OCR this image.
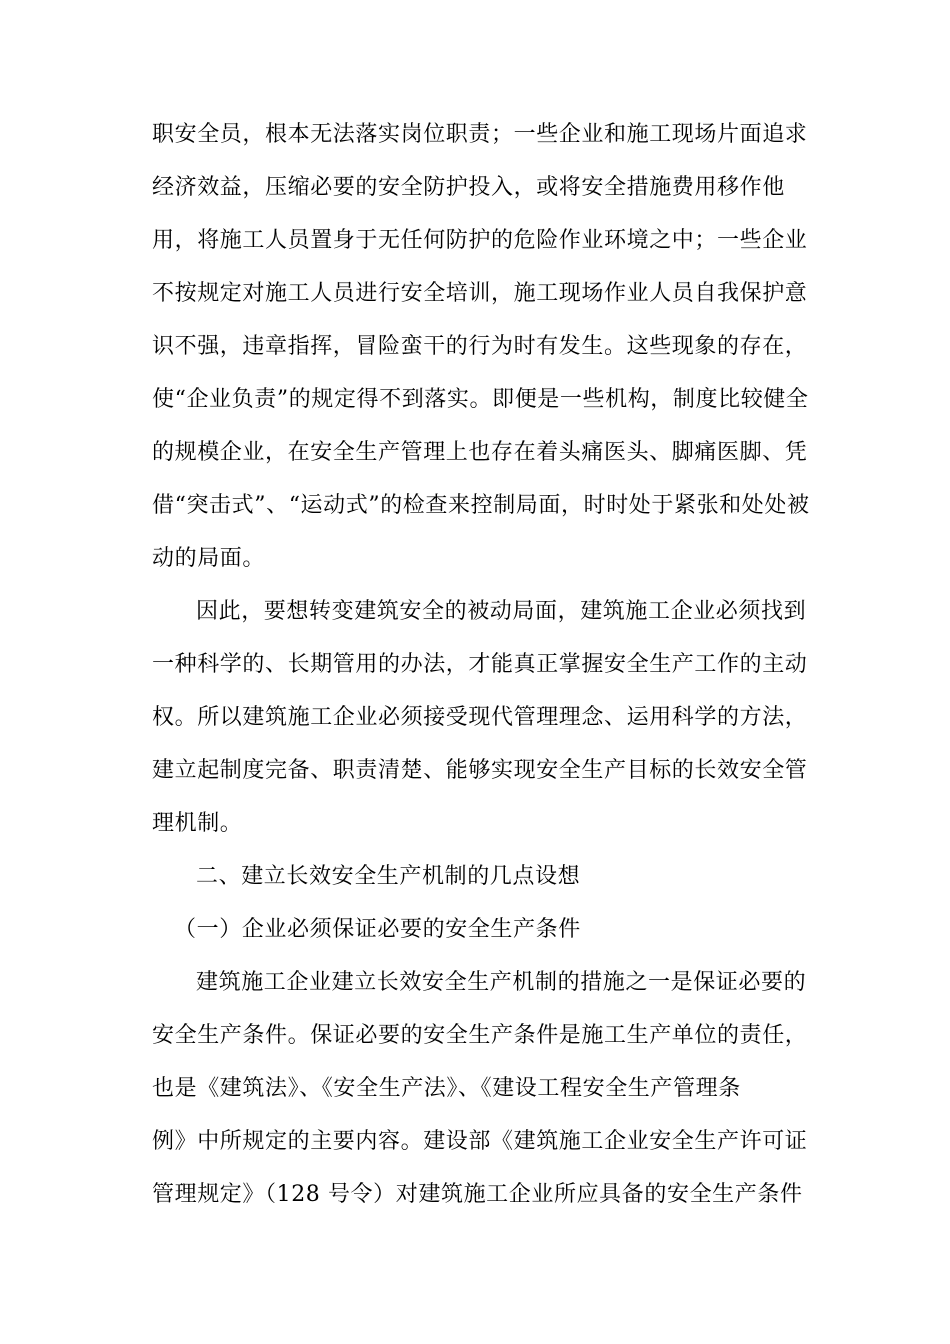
职安全员，根本无法落实岗位职责；一些企业和施工现场片面追求
经济效益，压缩必要的安全防护投入，或将安全措施费用移作他
用，将施工人员置身于无任何防护的危险作业环境之中；一些企业
不按规定对施工人员进行安全培训，施工现场作业人员自我保护意
识不强，违章指挥，冒险蛮干的行为时有发生。这些现象的存在，
使“企业负责”的规定得不到落实。即便是一些机构，制度比较健全
的规模企业，在安全生产管理上也存在着头痛医头、脚痛医脚、凭
借“突击式”、“运动式”的检查来控制局面，时时处于紧张和处处被
动的局面。
因此，要想转变建筑安全的被动局面，建筑施工企业必须找到
一种科学的、长期管用的办法，才能真正掌握安全生产工作的主动
权。所以建筑施工企业必须接受现代管理理念、运用科学的方法，
建立起制度完备、职责清楚、能够实现安全生产目标的长效安全管
理机制。
二、建立长效安全生产机制的几点设想
（一）企业必须保证必要的安全生产条件
建筑施工企业建立长效安全生产机制的措施之一是保证必要的
安全生产条件。保证必要的安全生产条件是施工生产单位的责任，
也是《建筑法》、《安全生产法》、《建设工程安全生产管理条
例》中所规定的主要内容。建设部《建筑施工企业安全生产许可证
管理规定》（128 号令）对建筑施工企业所应具备的安全生产条件
